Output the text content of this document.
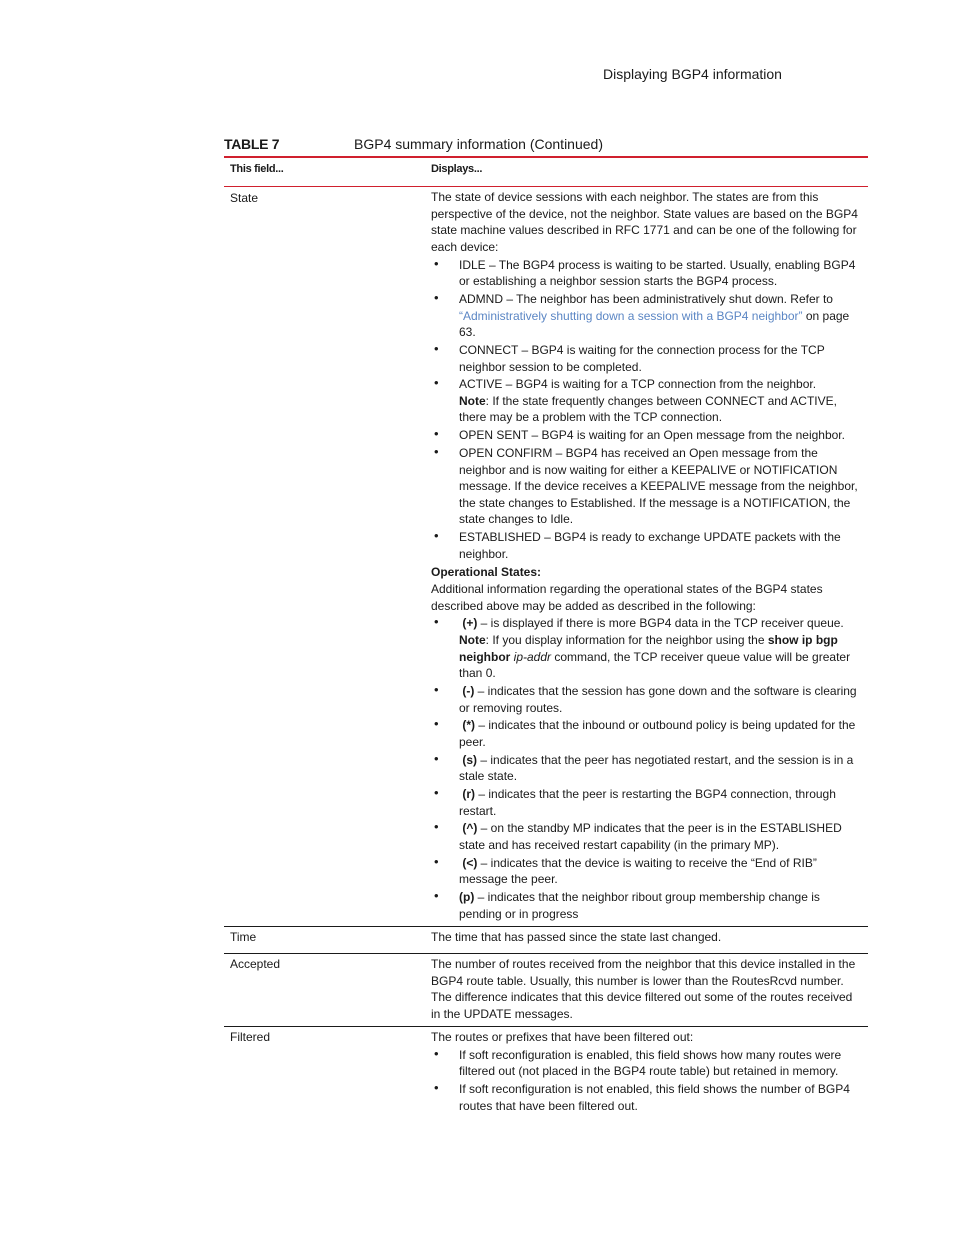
Displaying BGP4 information
TABLE 7	BGP4 summary information (Continued)
This field...	Displays...
State	The state of device sessions with each neighbor. The states are from this perspective of the device, not the neighbor. State values are based on the BGP4 state machine values described in RFC 1771 and can be one of the following for each device:

• IDLE – The BGP4 process is waiting to be started. Usually, enabling BGP4 or establishing a neighbor session starts the BGP4 process.
• ADMND – The neighbor has been administratively shut down. Refer to “Administratively shutting down a session with a BGP4 neighbor” on page 63.
• CONNECT – BGP4 is waiting for the connection process for the TCP neighbor session to be completed.
• ACTIVE – BGP4 is waiting for a TCP connection from the neighbor.
Note: If the state frequently changes between CONNECT and ACTIVE, there may be a problem with the TCP connection.
• OPEN SENT – BGP4 is waiting for an Open message from the neighbor.
• OPEN CONFIRM – BGP4 has received an Open message from the neighbor and is now waiting for either a KEEPALIVE or NOTIFICATION message. If the device receives a KEEPALIVE message from the neighbor, the state changes to Established. If the message is a NOTIFICATION, the state changes to Idle.
• ESTABLISHED – BGP4 is ready to exchange UPDATE packets with the neighbor.

Operational States:

Additional information regarding the operational states of the BGP4 states described above may be added as described in the following:

• (+) – is displayed if there is more BGP4 data in the TCP receiver queue.
Note: If you display information for the neighbor using the show ip bgp neighbor ip-addr command, the TCP receiver queue value will be greater than 0.
• (-) – indicates that the session has gone down and the software is clearing or removing routes.
• (*) – indicates that the inbound or outbound policy is being updated for the peer.
• (s) – indicates that the peer has negotiated restart, and the session is in a stale state.
• (r) – indicates that the peer is restarting the BGP4 connection, through restart.
• (^) – on the standby MP indicates that the peer is in the ESTABLISHED state and has received restart capability (in the primary MP).
• (<) – indicates that the device is waiting to receive the “End of RIB” message the peer.
• (p) – indicates that the neighbor ribout group membership change is pending or in progress
Time	The time that has passed since the state last changed.
Accepted	The number of routes received from the neighbor that this device installed in the BGP4 route table. Usually, this number is lower than the RoutesRcvd number. The difference indicates that this device filtered out some of the routes received in the UPDATE messages.
Filtered	The routes or prefixes that have been filtered out:

• If soft reconfiguration is enabled, this field shows how many routes were filtered out (not placed in the BGP4 route table) but retained in memory.
• If soft reconfiguration is not enabled, this field shows the number of BGP4 routes that have been filtered out.
